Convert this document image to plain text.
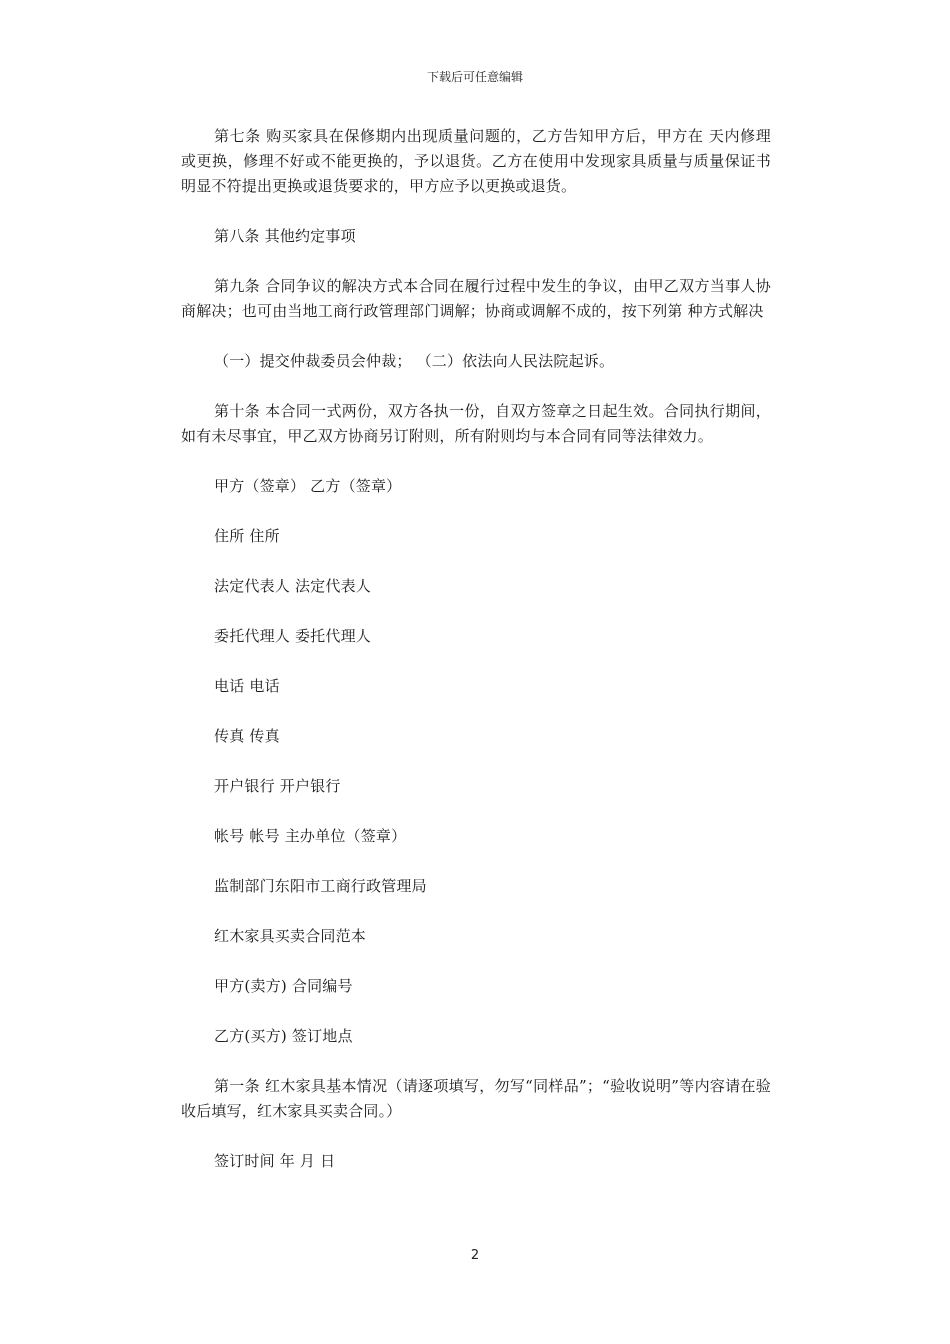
下载后可任意编辑

第七条 购买家具在保修期内出现质量问题的，乙方告知甲方后，甲方在 天内修理或更换，修理不好或不能更换的，予以退货。乙方在使用中发现家具质量与质量保证书明显不符提出更换或退货要求的，甲方应予以更换或退货。

第八条 其他约定事项

第九条 合同争议的解决方式本合同在履行过程中发生的争议，由甲乙双方当事人协商解决；也可由当地工商行政管理部门调解；协商或调解不成的，按下列第 种方式解决

（一）提交仲裁委员会仲裁； （二）依法向人民法院起诉。

第十条 本合同一式两份，双方各执一份，自双方签章之日起生效。合同执行期间，如有未尽事宜，甲乙双方协商另订附则，所有附则均与本合同有同等法律效力。

甲方（签章） 乙方（签章）

住所 住所

法定代表人 法定代表人

委托代理人 委托代理人

电话 电话

传真 传真

开户银行 开户银行

帐号 帐号 主办单位（签章）

监制部门东阳市工商行政管理局

红木家具买卖合同范本

甲方(卖方) 合同编号

乙方(买方) 签订地点

第一条 红木家具基本情况（请逐项填写，勿写“同样品”；“验收说明”等内容请在验收后填写，红木家具买卖合同。）

签订时间 年 月 日

2
